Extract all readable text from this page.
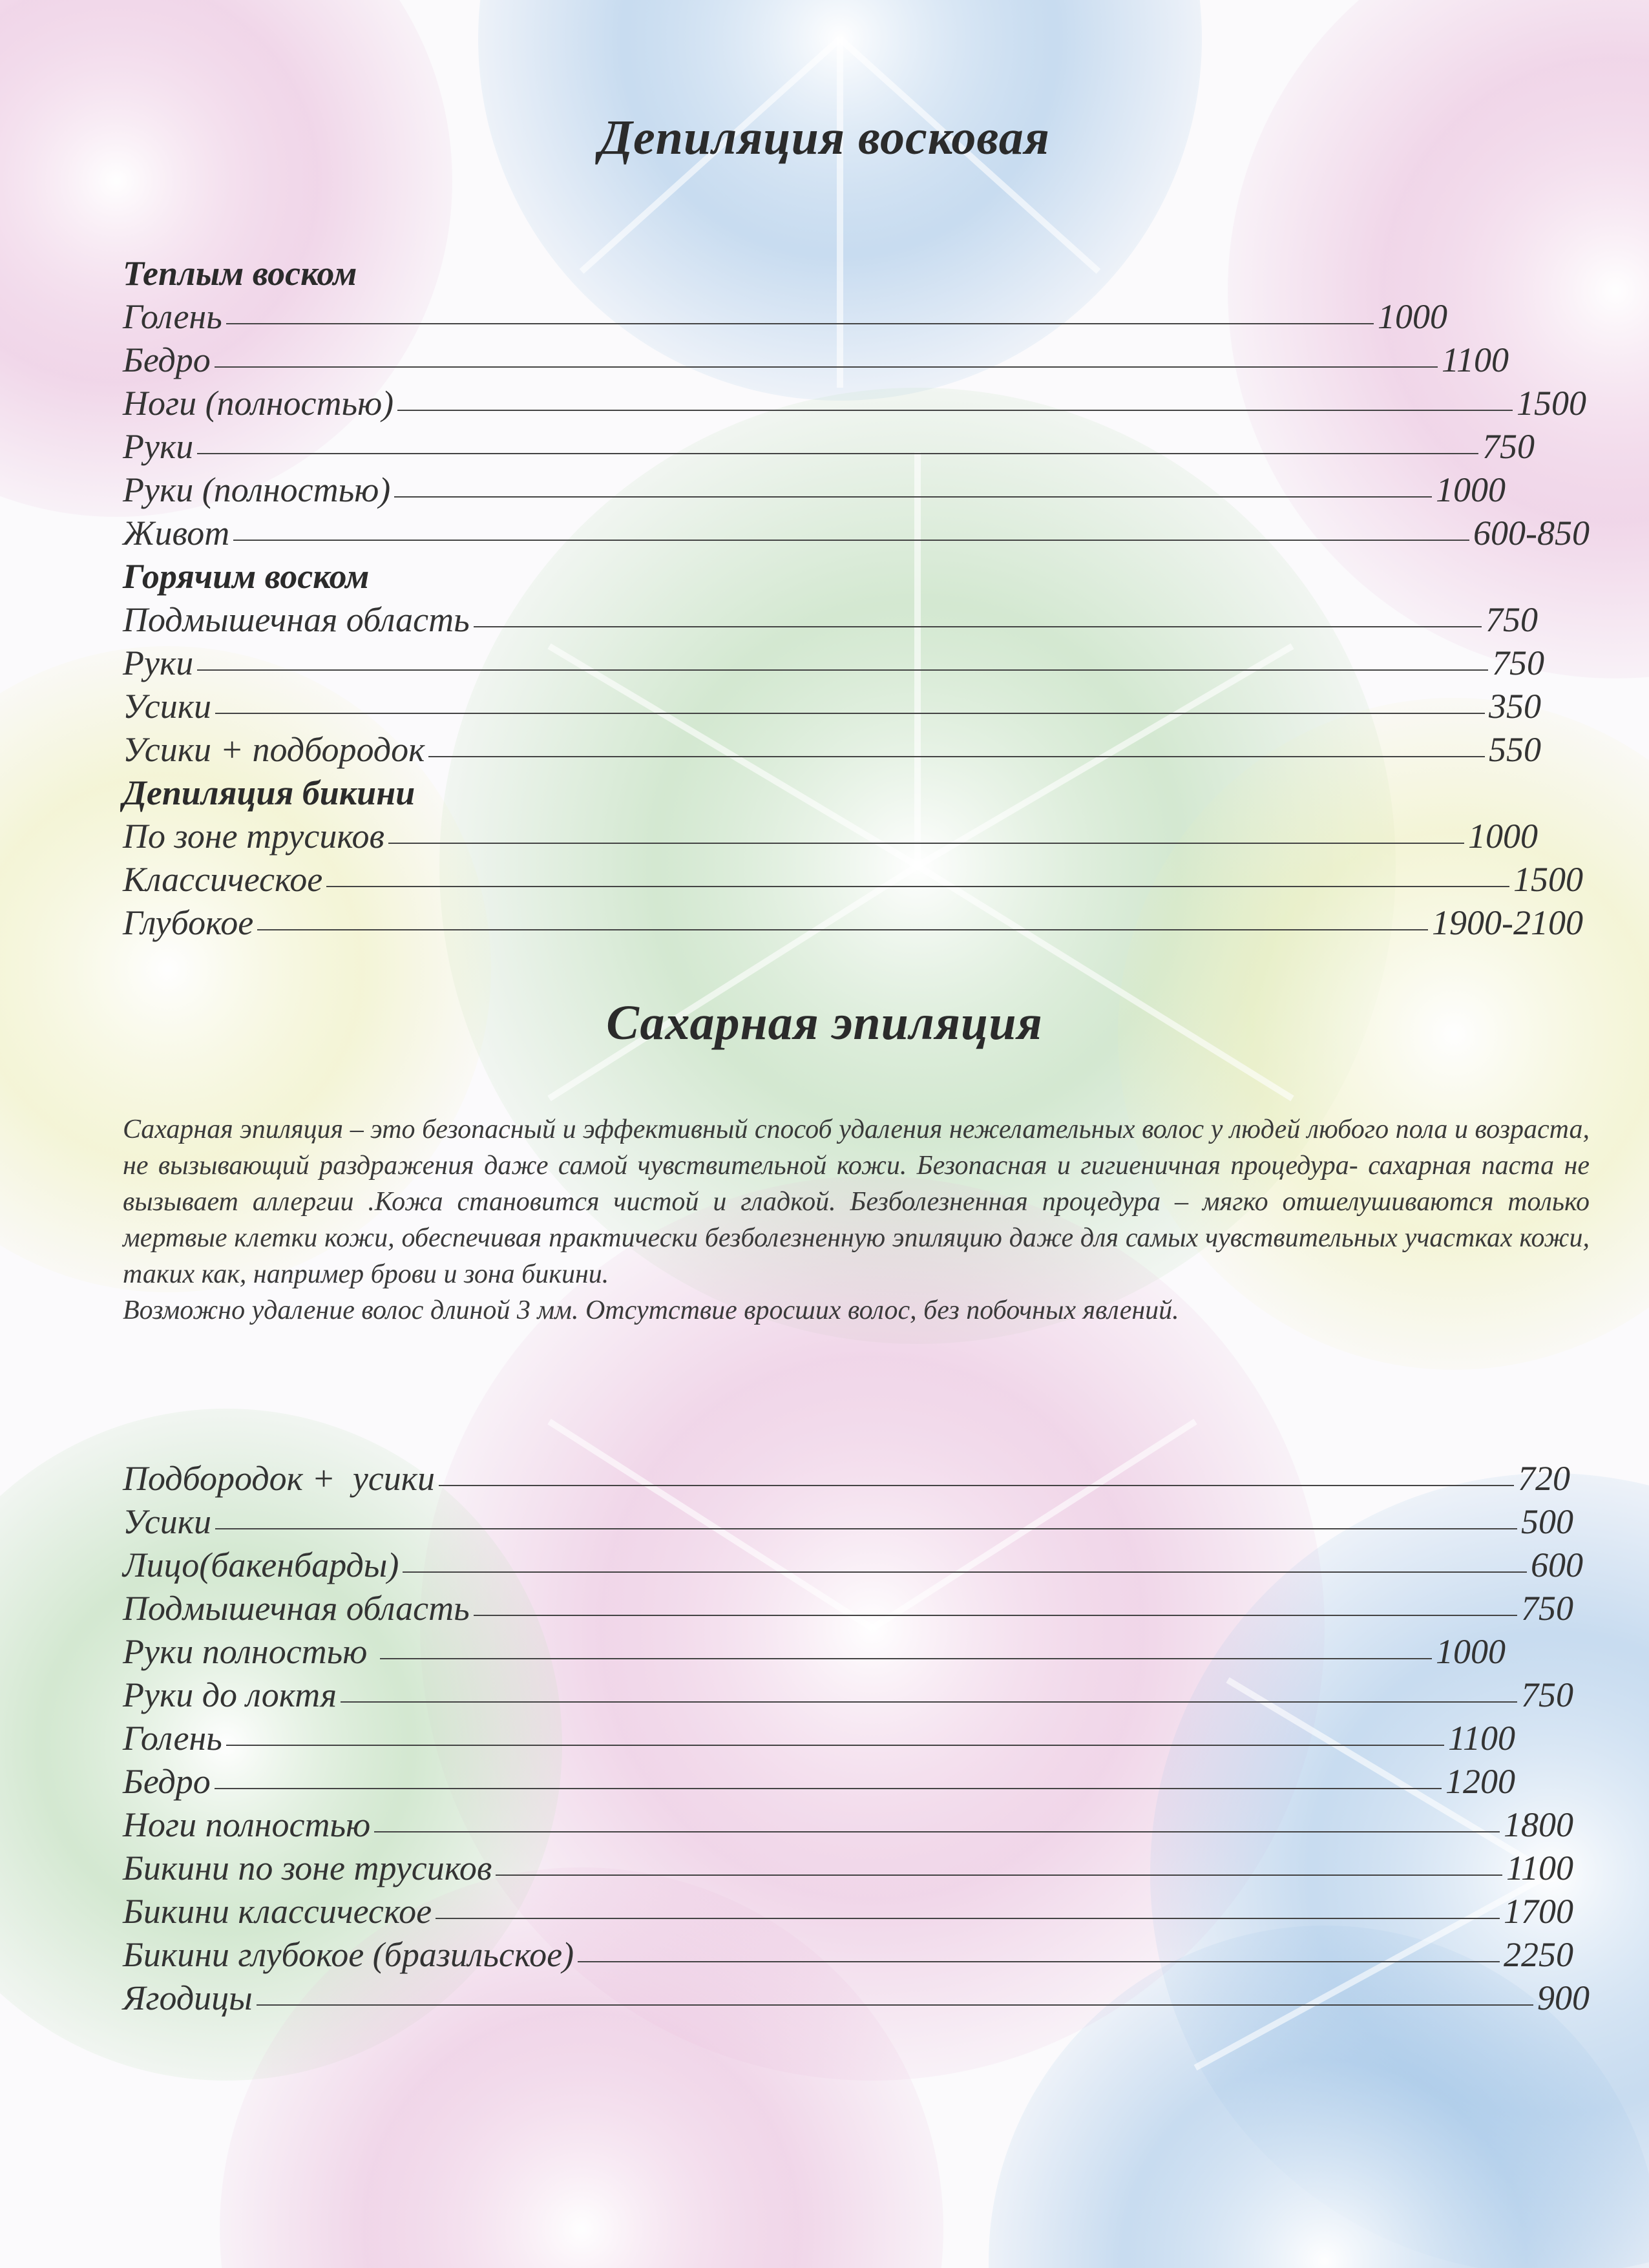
Депиляция восковая
Теплым воском
Голень	1000
Бедро	1100
Ноги (полностью)	1500
Руки	750
Руки (полностью)	1000
Живот	600-850
Горячим воском
Подмышечная область	750
Руки	750
Усики	350
Усики + подбородок	550
Депиляция бикини
По зоне трусиков	1000
Классическое	1500
Глубокое	1900-2100
Сахарная эпиляция

Сахарная эпиляция – это безопасный и эффективный способ удаления нежелательных волос у людей любого пола и возраста, не вызывающий раздражения даже самой чувствительной кожи. Безопасная и гигиеничная процедура- сахарная паста не вызывает аллергии .Кожа становится чистой и гладкой. Безболезненная процедура – мягко отшелушиваются только мертвые клетки кожи, обеспечивая практически безболезненную эпиляцию даже для самых чувствительных участках кожи, таких как, например брови и зона бикини.

Возможно удаление волос длиной 3 мм. Отсутствие вросших волос, без побочных явлений.

Подбородок +  усики	720
Усики	500
Лицо(бакенбарды)	600
Подмышечная область	750
Руки полностью	1000
Руки до локтя	750
Голень	1100
Бедро	1200
Ноги полностью	1800
Бикини по зоне трусиков	1100
Бикини классическое	1700
Бикини глубокое (бразильское)	2250
Ягодицы	900
